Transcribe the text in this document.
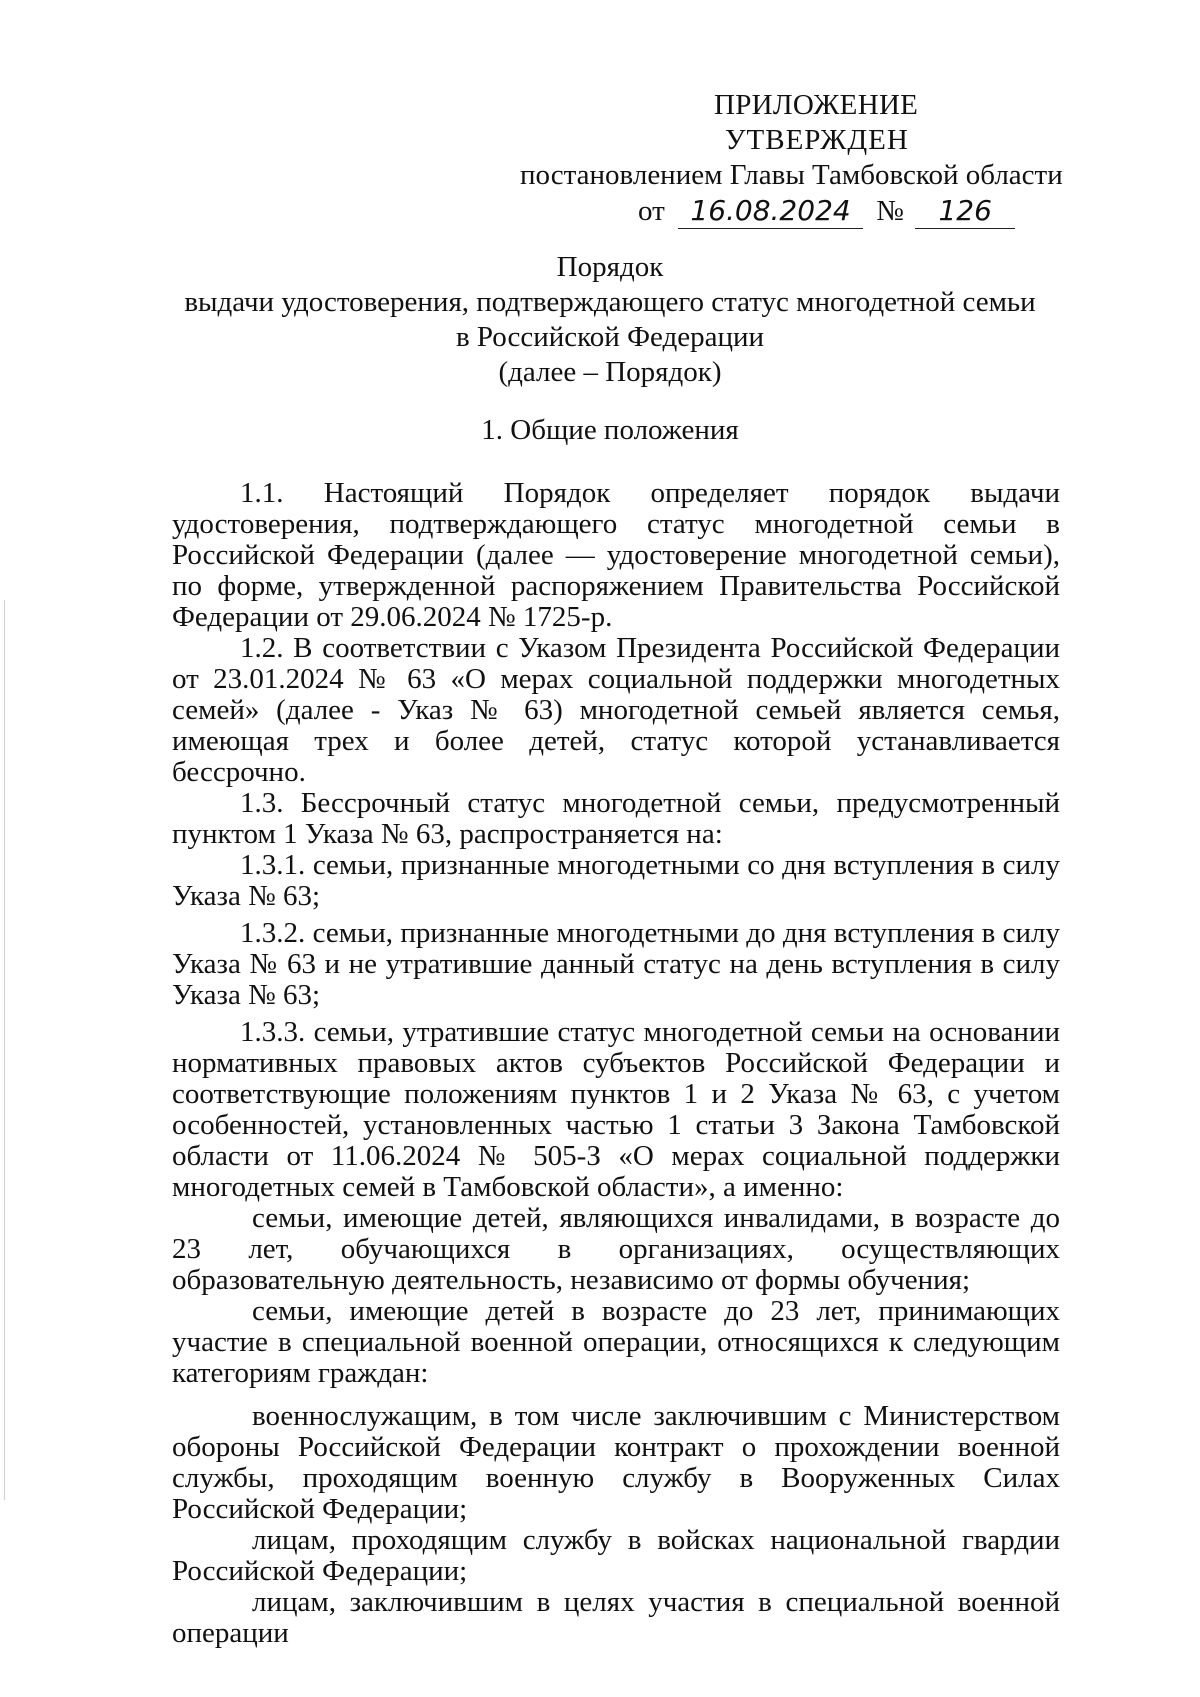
ПРИЛОЖЕНИЕ
УТВЕРЖДЕН
постановлением Главы Тамбовской области
от 16.08.2024 № 126
Порядок
выдачи удостоверения, подтверждающего статус многодетной семьи
в Российской Федерации
(далее – Порядок)
1. Общие положения

1.1. Настоящий Порядок определяет порядок выдачи удостоверения, подтверждающего статус многодетной семьи в Российской Федерации (далее — удостоверение многодетной семьи), по форме, утвержденной распоряжением Правительства Российской Федерации от 29.06.2024 № 1725-р.

1.2. В соответствии с Указом Президента Российской Федерации от 23.01.2024 № 63 «О мерах социальной поддержки многодетных семей» (далее - Указ № 63) многодетной семьей является семья, имеющая трех и более детей, статус которой устанавливается бессрочно.

1.3. Бессрочный статус многодетной семьи, предусмотренный пунктом 1 Указа № 63, распространяется на:

1.3.1. семьи, признанные многодетными со дня вступления в силу Указа № 63;

1.3.2. семьи, признанные многодетными до дня вступления в силу Указа № 63 и не утратившие данный статус на день вступления в силу Указа № 63;

1.3.3. семьи, утратившие статус многодетной семьи на основании нормативных правовых актов субъектов Российской Федерации и соответствующие положениям пунктов 1 и 2 Указа № 63, с учетом особенностей, установленных частью 1 статьи 3 Закона Тамбовской области от 11.06.2024 № 505-З «О мерах социальной поддержки многодетных семей в Тамбовской области», а именно:

семьи, имеющие детей, являющихся инвалидами, в возрасте до 23 лет, обучающихся в организациях, осуществляющих образовательную деятельность, независимо от формы обучения;

семьи, имеющие детей в возрасте до 23 лет, принимающих участие в специальной военной операции, относящихся к следующим категориям граждан:

военнослужащим, в том числе заключившим с Министерством обороны Российской Федерации контракт о прохождении военной службы, проходящим военную службу в Вооруженных Силах Российской Федерации;

лицам, проходящим службу в войсках национальной гвардии Российской Федерации;

лицам, заключившим в целях участия в специальной военной операции
